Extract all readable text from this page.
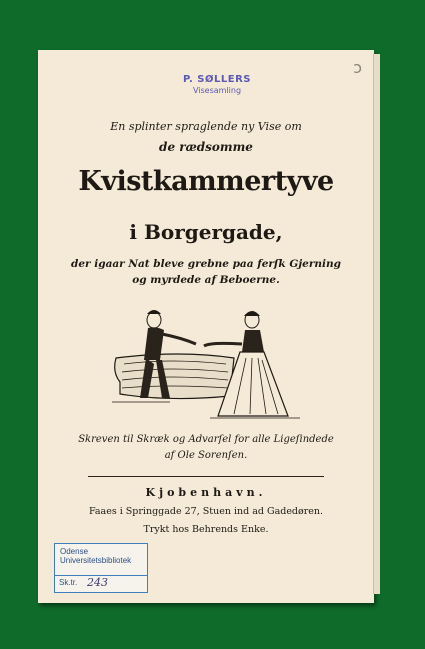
ↄ
P. SØLLERS
Visesamling
En splinter spraglende ny Vise om
de rædsomme
Kvistkammertyve
i Borgergade,
der igaar Nat bleve grebne paa ferſk Gjerning
og myrdede af Beboerne.
Skreven til Skræk og Advarſel for alle Ligeſindede
af Ole Sorenſen.
Kjobenhavn.
Faaes i Springgade 27, Stuen ind ad Gadedøren.
Trykt hos Behrends Enke.
Odense
Universitetsbibliotek
Sk.tr. 243
